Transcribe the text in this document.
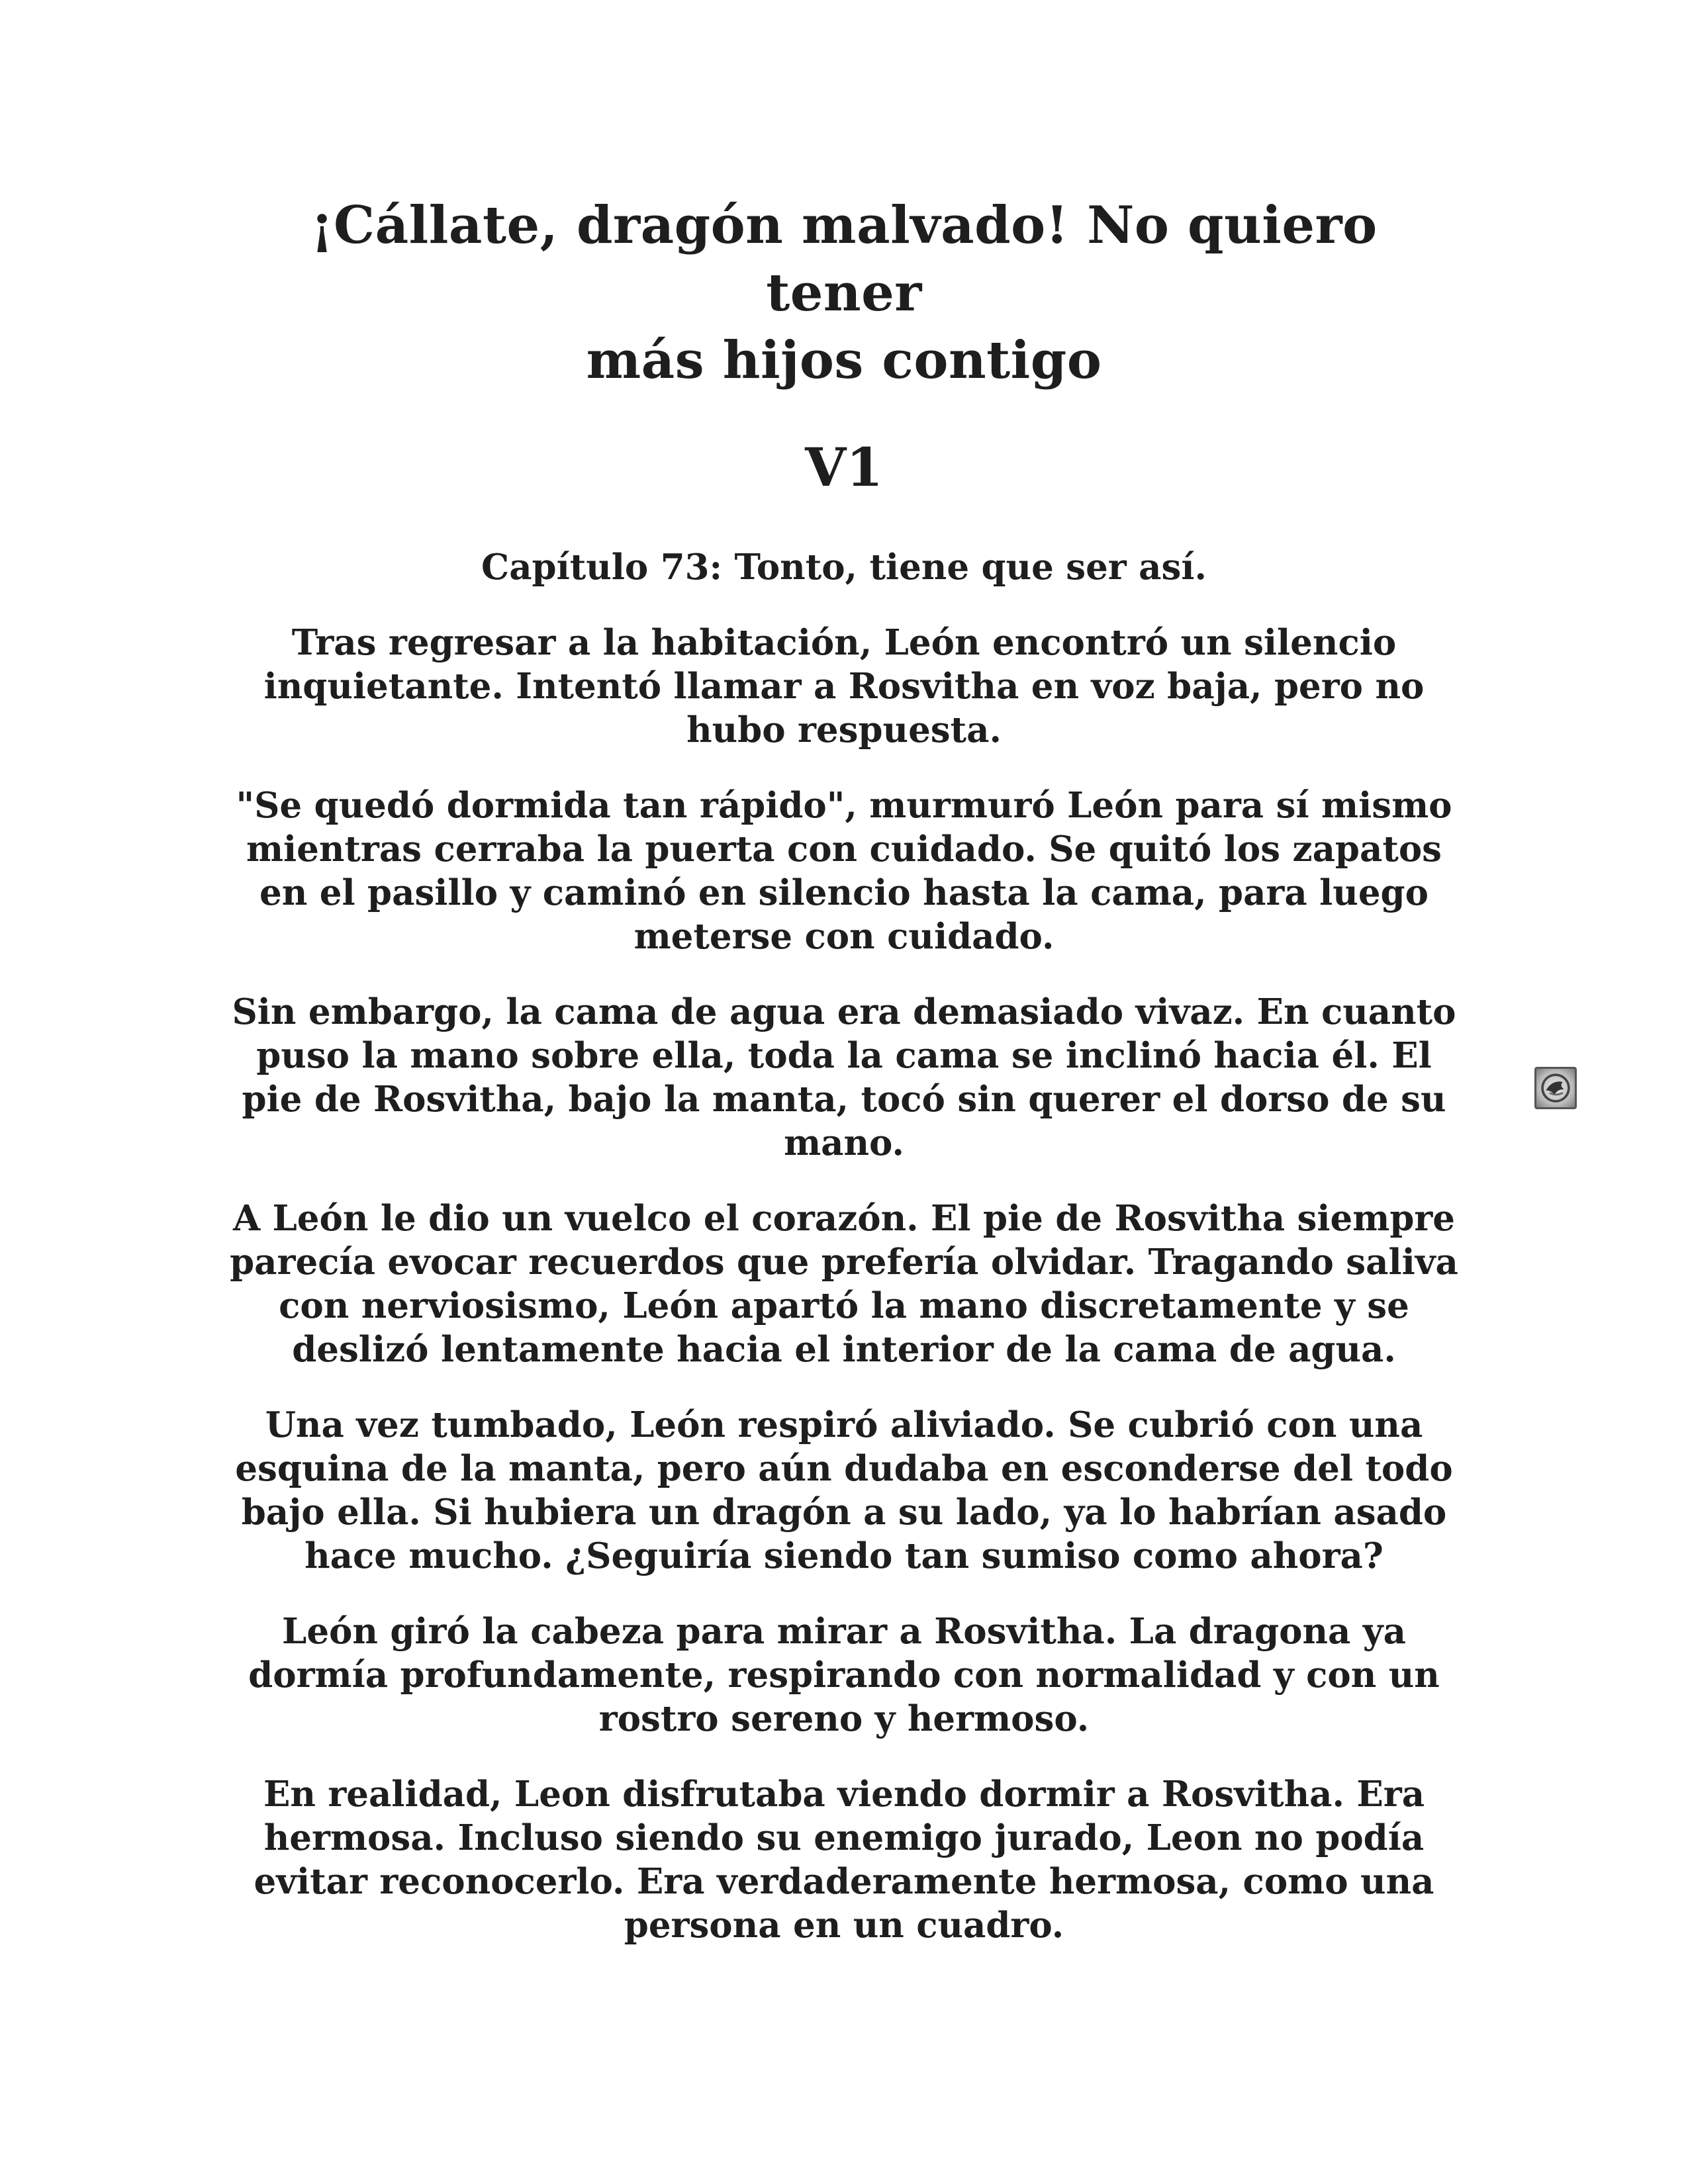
¡Cállate, dragón malvado! No quiero tener
más hijos contigo
V1
Capítulo 73: Tonto, tiene que ser así.

Tras regresar a la habitación, León encontró un silencio inquietante. Intentó llamar a Rosvitha en voz baja, pero no hubo respuesta.

"Se quedó dormida tan rápido", murmuró León para sí mismo mientras cerraba la puerta con cuidado. Se quitó los zapatos en el pasillo y caminó en silencio hasta la cama, para luego meterse con cuidado.

Sin embargo, la cama de agua era demasiado vivaz. En cuanto puso la mano sobre ella, toda la cama se inclinó hacia él. El pie de Rosvitha, bajo la manta, tocó sin querer el dorso de su mano.

A León le dio un vuelco el corazón. El pie de Rosvitha siempre parecía evocar recuerdos que prefería olvidar. Tragando saliva con nerviosismo, León apartó la mano discretamente y se deslizó lentamente hacia el interior de la cama de agua.

Una vez tumbado, León respiró aliviado. Se cubrió con una esquina de la manta, pero aún dudaba en esconderse del todo bajo ella. Si hubiera un dragón a su lado, ya lo habrían asado hace mucho. ¿Seguiría siendo tan sumiso como ahora?

León giró la cabeza para mirar a Rosvitha. La dragona ya dormía profundamente, respirando con normalidad y con un rostro sereno y hermoso.

En realidad, Leon disfrutaba viendo dormir a Rosvitha. Era hermosa. Incluso siendo su enemigo jurado, Leon no podía evitar reconocerlo. Era verdaderamente hermosa, como una persona en un cuadro.
